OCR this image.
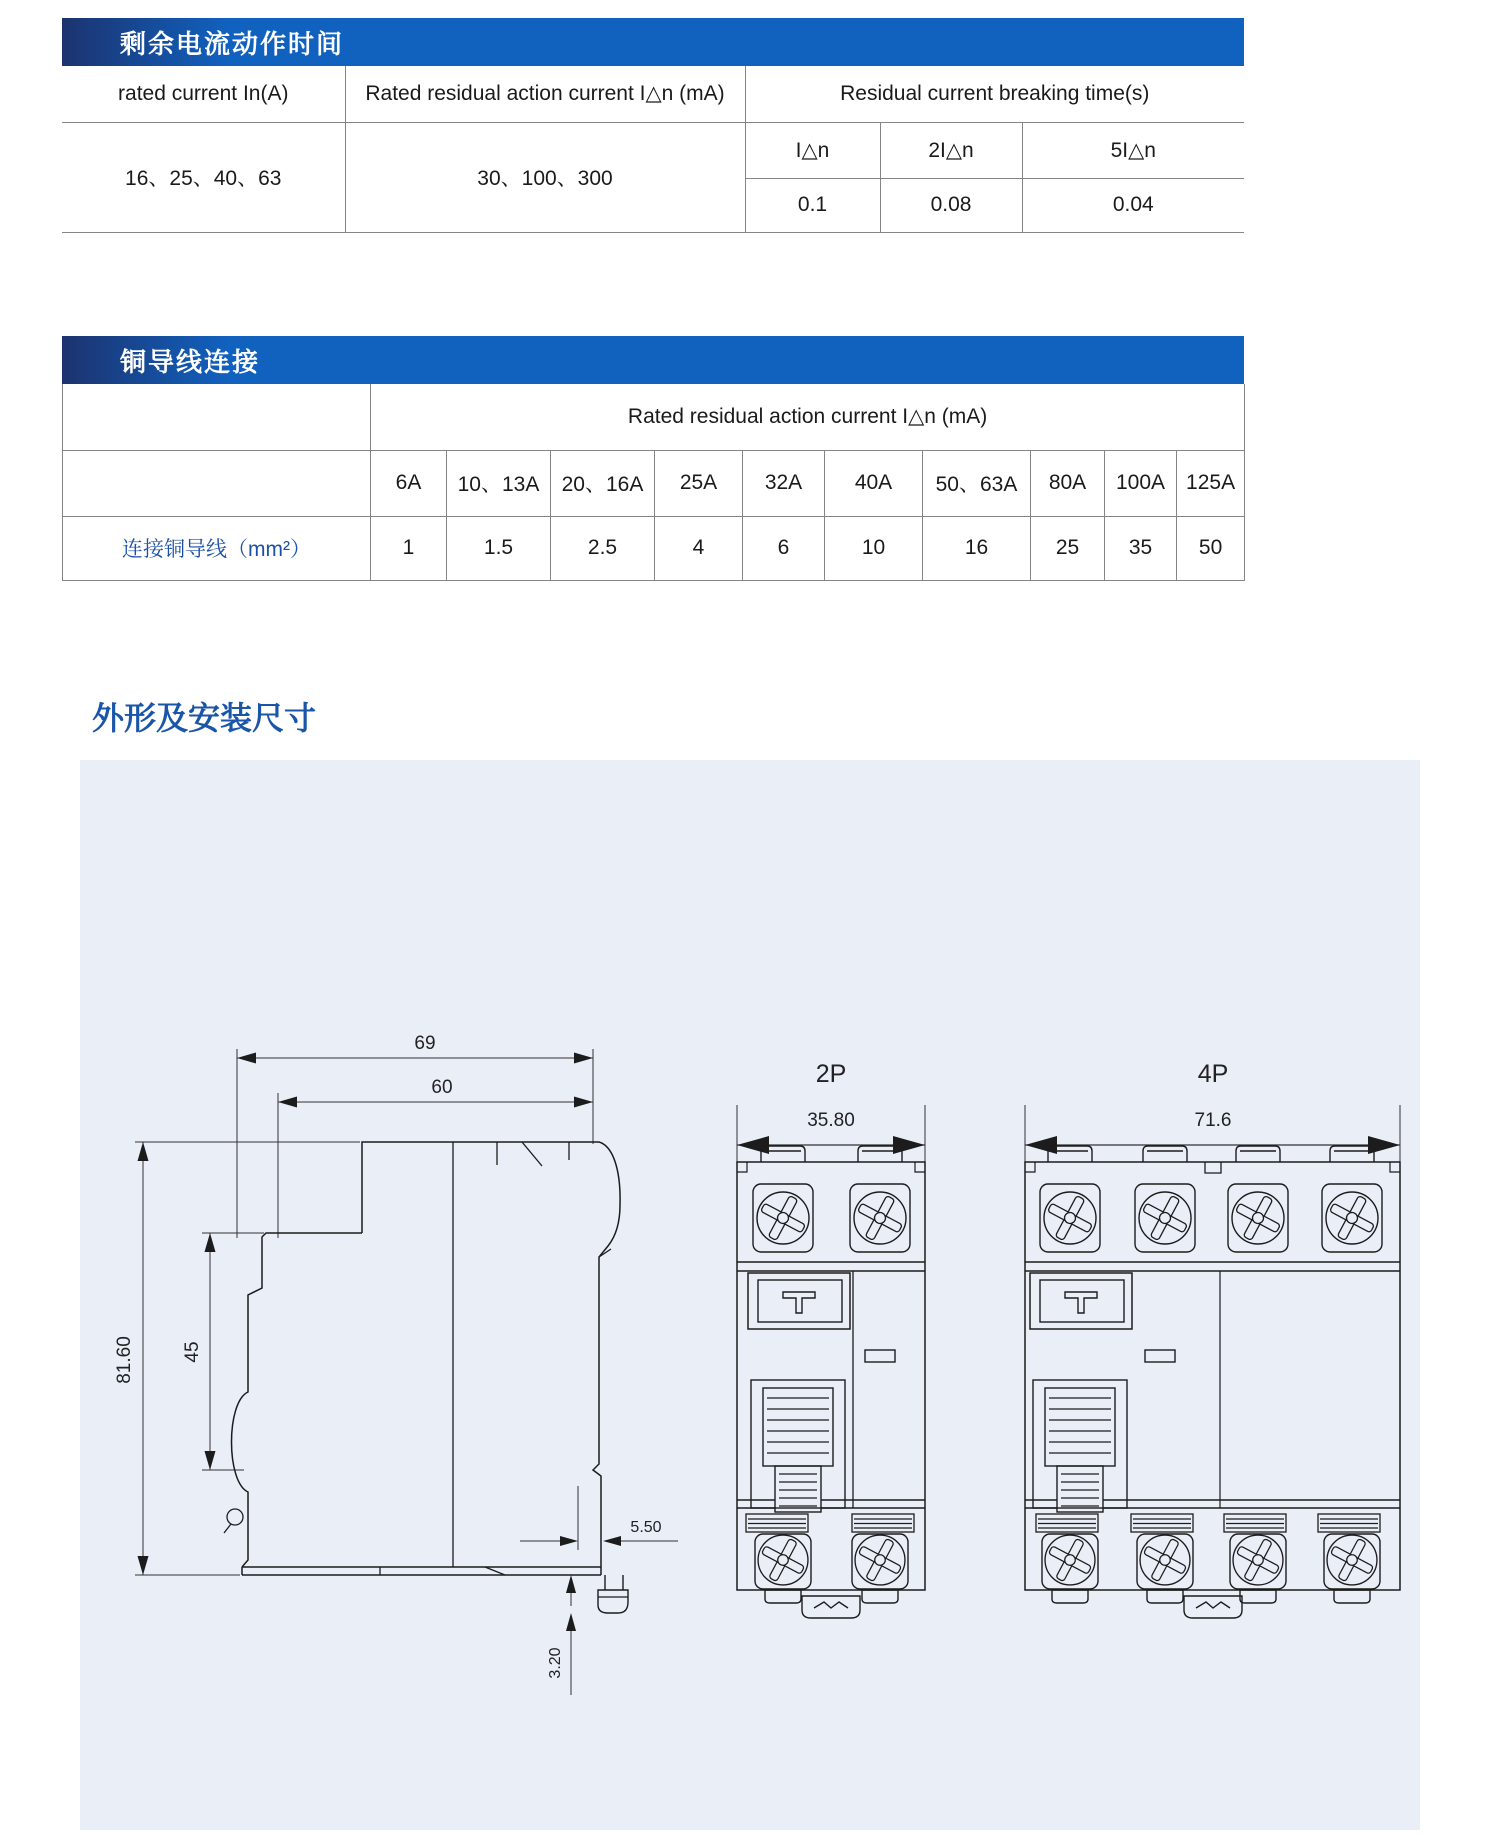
剩余电流动作时间
rated current In(A)	Rated residual action current I△n (mA)	Residual current breaking time(s)		
16、25、40、63	30、100、300	I△n	2I△n	5I△n
		0.1	0.08	0.04
铜导线连接
	Rated residual action current I△n (mA)									
	6A	10、13A	20、16A	25A	32A	40A	50、63A	80A	100A	125A
连接铜导线（mm²）	1	1.5	2.5	4	6	10	16	25	35	50
外形及安装尺寸
69
60
81.60 45
5.50
3.20
2P
35.80
4P
71.6
